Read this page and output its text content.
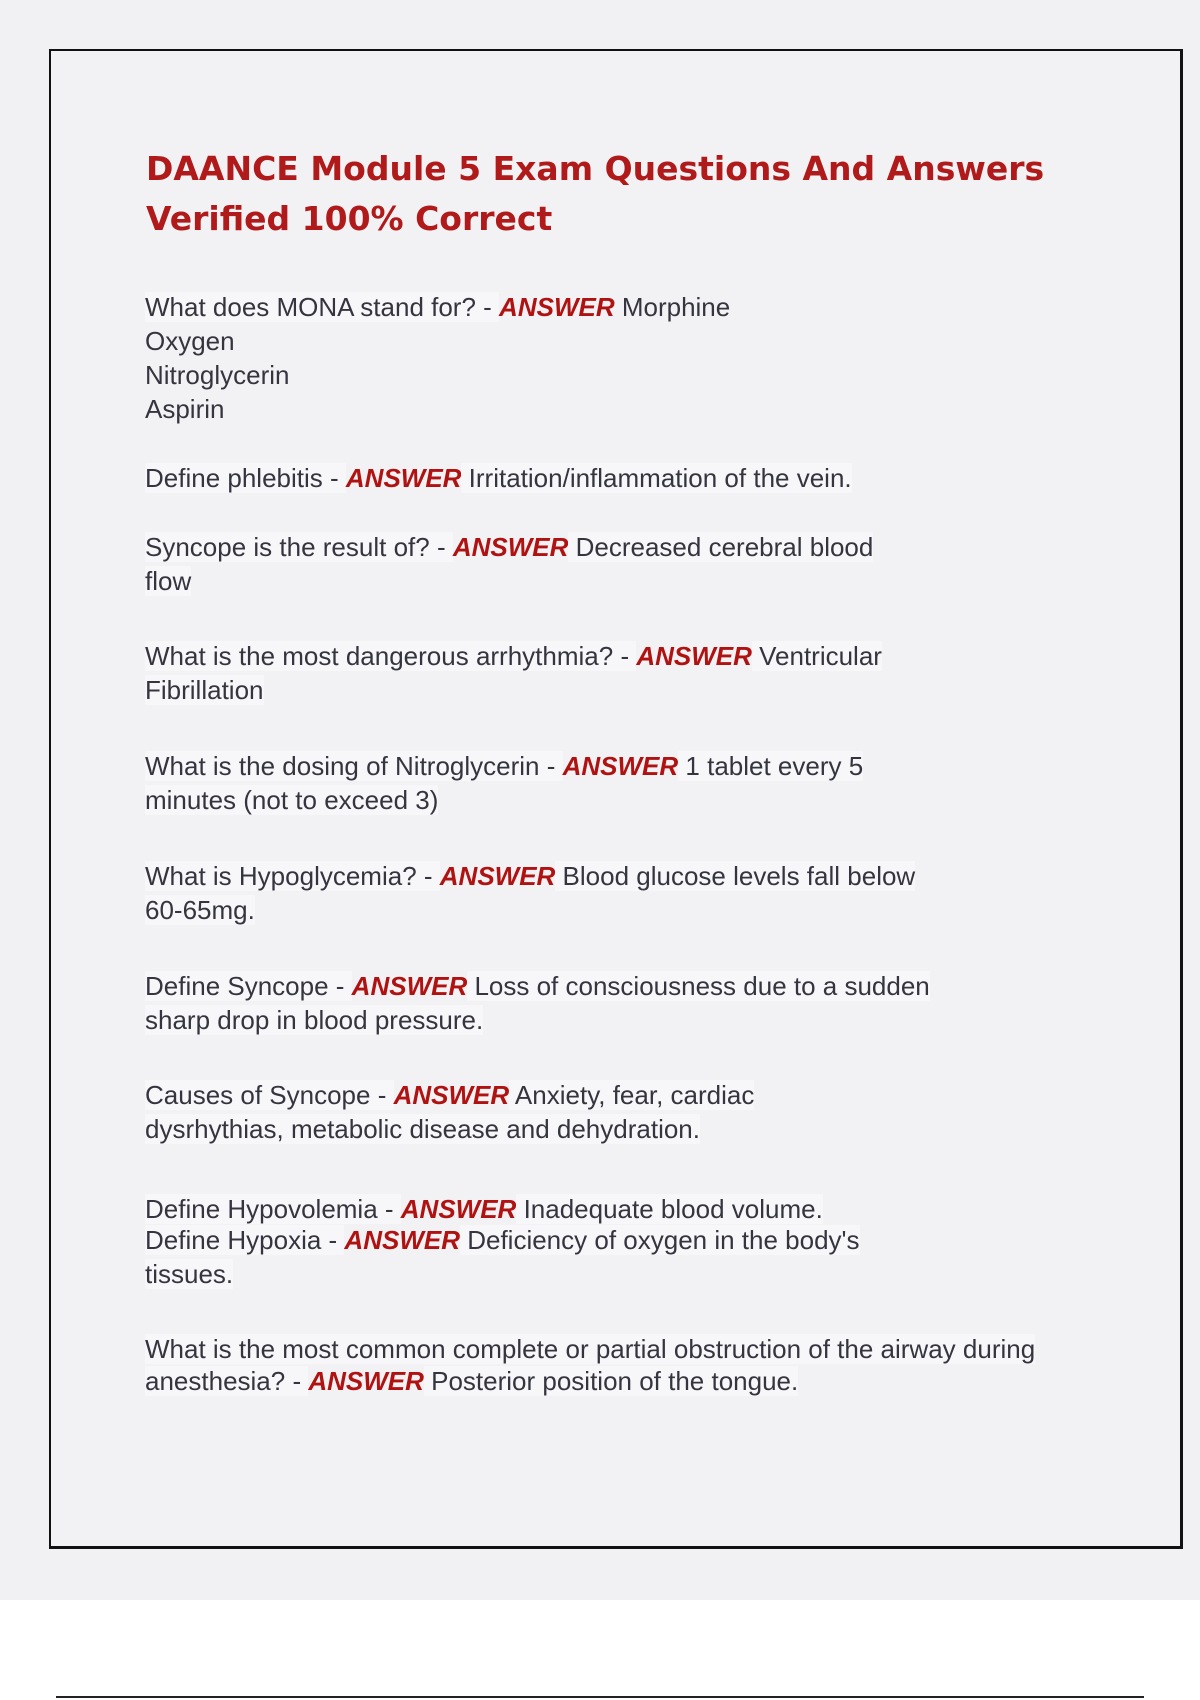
DAANCE Module 5 Exam Questions And Answers Verified 100% Correct
What does MONA stand for? - ANSWER Morphine
Oxygen
Nitroglycerin
Aspirin
Define phlebitis - ANSWER Irritation/inflammation of the vein.
Syncope is the result of? - ANSWER Decreased cerebral blood flow
What is the most dangerous arrhythmia? - ANSWER Ventricular Fibrillation
What is the dosing of Nitroglycerin - ANSWER 1 tablet every 5 minutes (not to exceed 3)
What is Hypoglycemia? - ANSWER Blood glucose levels fall below 60-65mg.
Define Syncope - ANSWER Loss of consciousness due to a sudden sharp drop in blood pressure.
Causes of Syncope - ANSWER Anxiety, fear, cardiac dysrhythias, metabolic disease and dehydration.
Define Hypovolemia - ANSWER Inadequate blood volume.
Define Hypoxia - ANSWER Deficiency of oxygen in the body's tissues.
What is the most common complete or partial obstruction of the airway during anesthesia? - ANSWER Posterior position of the tongue.
